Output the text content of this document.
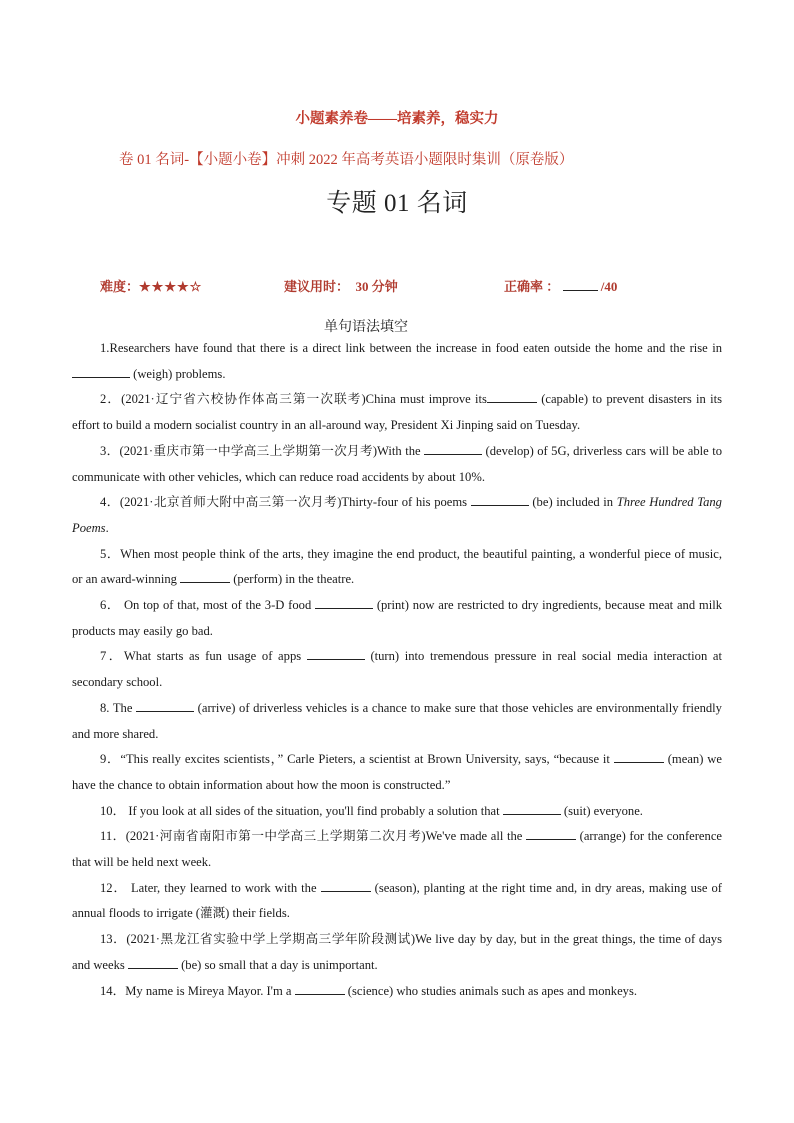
小题素养卷——培素养，稳实力
卷 01 名词-【小题小卷】冲刺 2022 年高考英语小题限时集训（原卷版）
专题 01 名词
难度：★★★★☆	建议用时： 30 分钟	正确率 ：	/40
单句语法填空

1.Researchers have found that there is a direct link between the increase in food eaten outside the home and the rise in  (weigh) problems.

2．(2021·辽宁省六校协作体高三第一次联考)China must improve its	(capable) to prevent disasters in its effort to build a modern socialist country in an all-around way, President Xi Jinping said on Tuesday.

3．(2021·重庆市第一中学高三上学期第一次月考)With the	(develop) of 5G, driverless cars will be able to communicate with other vehicles, which can reduce road accidents by about 10%.

4．(2021·北京首师大附中高三第一次月考)Thirty-four of his poems	(be) included in Three Hundred Tang Poems.

5．When most people think of the arts, they imagine the end product, the beautiful painting, a wonderful piece of music, or an award-winning	(perform) in the theatre.

6． On top of that, most of the 3-D food	(print) now are restricted to dry ingredients, because meat and milk products may easily go bad.

7．What starts as fun usage of apps	(turn) into tremendous pressure in real social media interaction at secondary school.

8. The	(arrive) of driverless vehicles is a chance to make sure that those vehicles are environmentally friendly and more shared.

9．“This really excites scientists，” Carle Pieters, a scientist at Brown University, says, “because it	(mean) we have the chance to obtain information about how the moon is constructed.”

10． If you look at all sides of the situation, you'll find probably a solution that	(suit) everyone.

11．(2021·河南省南阳市第一中学高三上学期第二次月考)We've made all the	(arrange) for the conference that will be held next week.

12． Later, they learned to work with the	(season), planting at the right time and, in dry areas, making use of annual floods to irrigate (灌溉) their fields.

13．(2021·黑龙江省实验中学上学期高三学年阶段测试)We live day by day, but in the great things, the time of days and weeks	(be) so small that a day is unimportant.

14．My name is Mireya Mayor. I'm a	(science) who studies animals such as apes and monkeys.
